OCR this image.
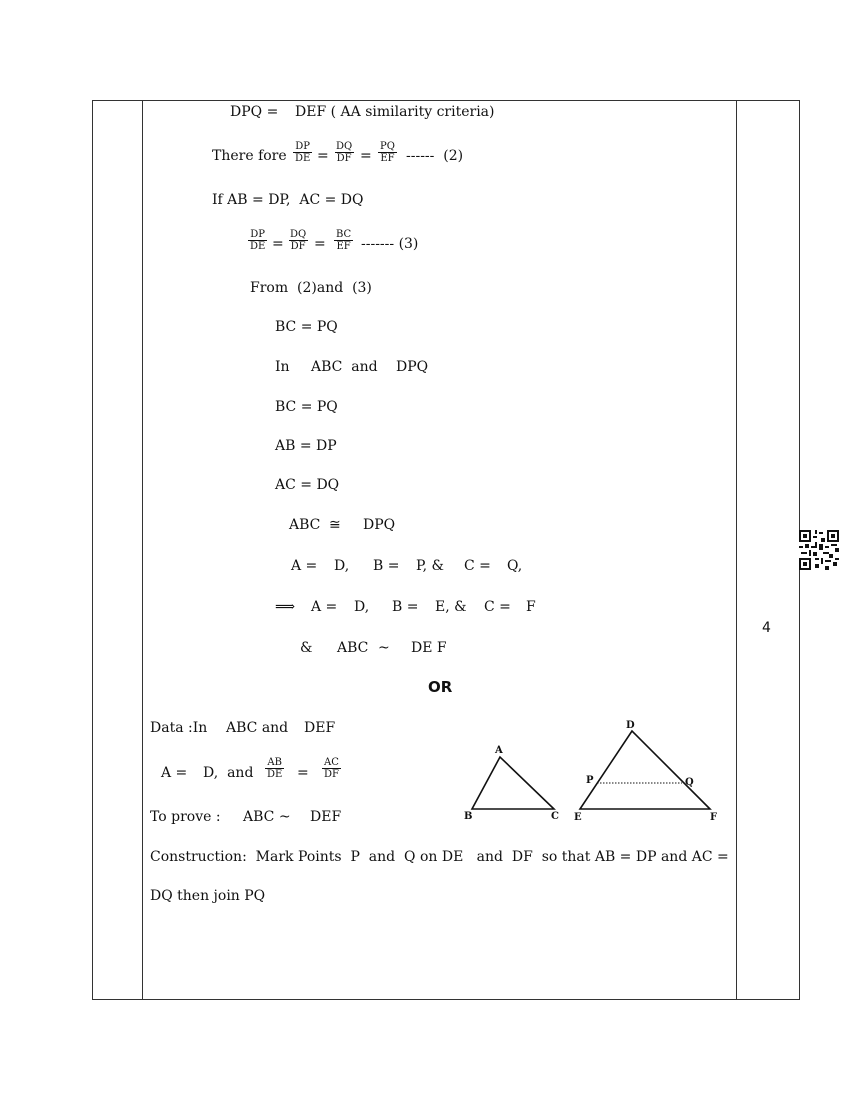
DPQ = DEF ( AA similarity criteria)
There fore $\frac{DP}{DE} = \frac{DQ}{DF} = \frac{PQ}{EF}$ ------  (2)
If AB = DP,  AC = DQ
$\frac{DP}{DE} = \frac{DQ}{DF} = \frac{BC}{EF}$ ------- (3)
From  (2)and  (3)
BC = PQ
In ABC  and DPQ
BC = PQ
AB = DP
AC = DQ
ABC ≅ DPQ
A = D, B = P, & C = Q,
⟹ A = D, B = E, & C = F
& ABC ~ DE F
OR
Data :In ABC and DEF
A = D,  and $\frac{AB}{DE} = \frac{AC}{DF}$
To prove : ABC ~ DEF
Construction:  Mark Points  P  and  Q on DE   and  DF  so that AB = DP and AC =
DQ then join PQ
A
B	C
D
E	F
P	Q
4
